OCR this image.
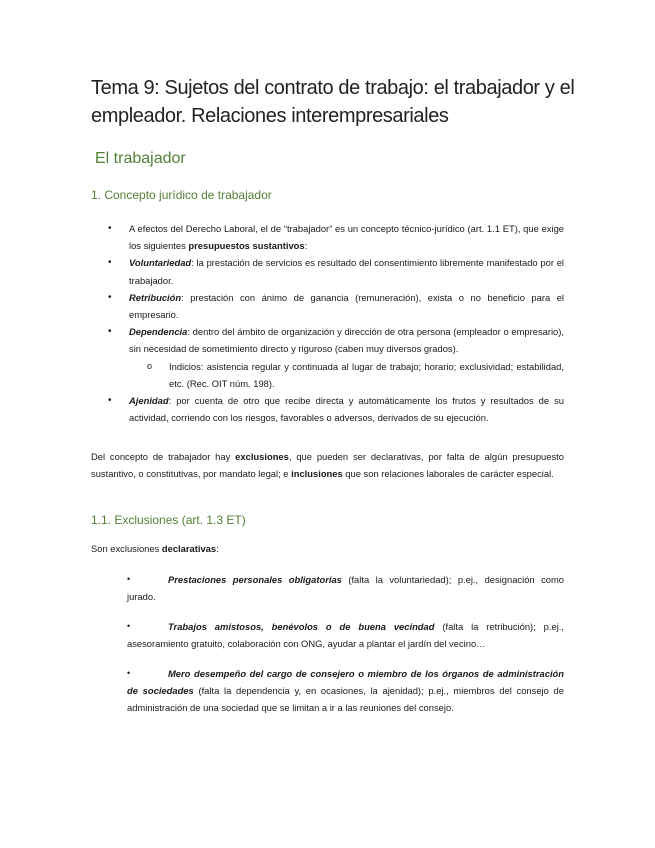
Tema 9: Sujetos del contrato de trabajo: el trabajador y el empleador. Relaciones interempresariales
El trabajador
1. Concepto jurídico de trabajador
• A efectos del Derecho Laboral, el de “trabajador” es un concepto técnico-jurídico (art. 1.1 ET), que exige los siguientes presupuestos sustantivos:
• Voluntariedad: la prestación de servicios es resultado del consentimiento libremente manifestado por el trabajador.
• Retribución: prestación con ánimo de ganancia (remuneración), exista o no beneficio para el empresario.
• Dependencia: dentro del ámbito de organización y dirección de otra persona (empleador o empresario), sin necesidad de sometimiento directo y riguroso (caben muy diversos grados).
o Indicios: asistencia regular y continuada al lugar de trabajo; horario; exclusividad; estabilidad, etc. (Rec. OIT núm. 198).
• Ajenidad: por cuenta de otro que recibe directa y automáticamente los frutos y resultados de su actividad, corriendo con los riesgos, favorables o adversos, derivados de su ejecución.

Del concepto de trabajador hay exclusiones, que pueden ser declarativas, por falta de algún presupuesto sustantivo, o constitutivas, por mandato legal; e inclusiones que son relaciones laborales de carácter especial.

1.1. Exclusiones (art. 1.3 ET)

Son exclusiones declarativas:

•	Prestaciones personales obligatorias (falta la voluntariedad); p.ej., designación como jurado.
•	Trabajos amistosos, benévolos o de buena vecindad (falta la retribución); p.ej., asesoramiento gratuito, colaboración con ONG, ayudar a plantar el jardín del vecino…
•	Mero desempeño del cargo de consejero o miembro de los órganos de administración de sociedades (falta la dependencia y, en ocasiones, la ajenidad); p.ej., miembros del consejo de administración de una sociedad que se limitan a ir a las reuniones del consejo.
